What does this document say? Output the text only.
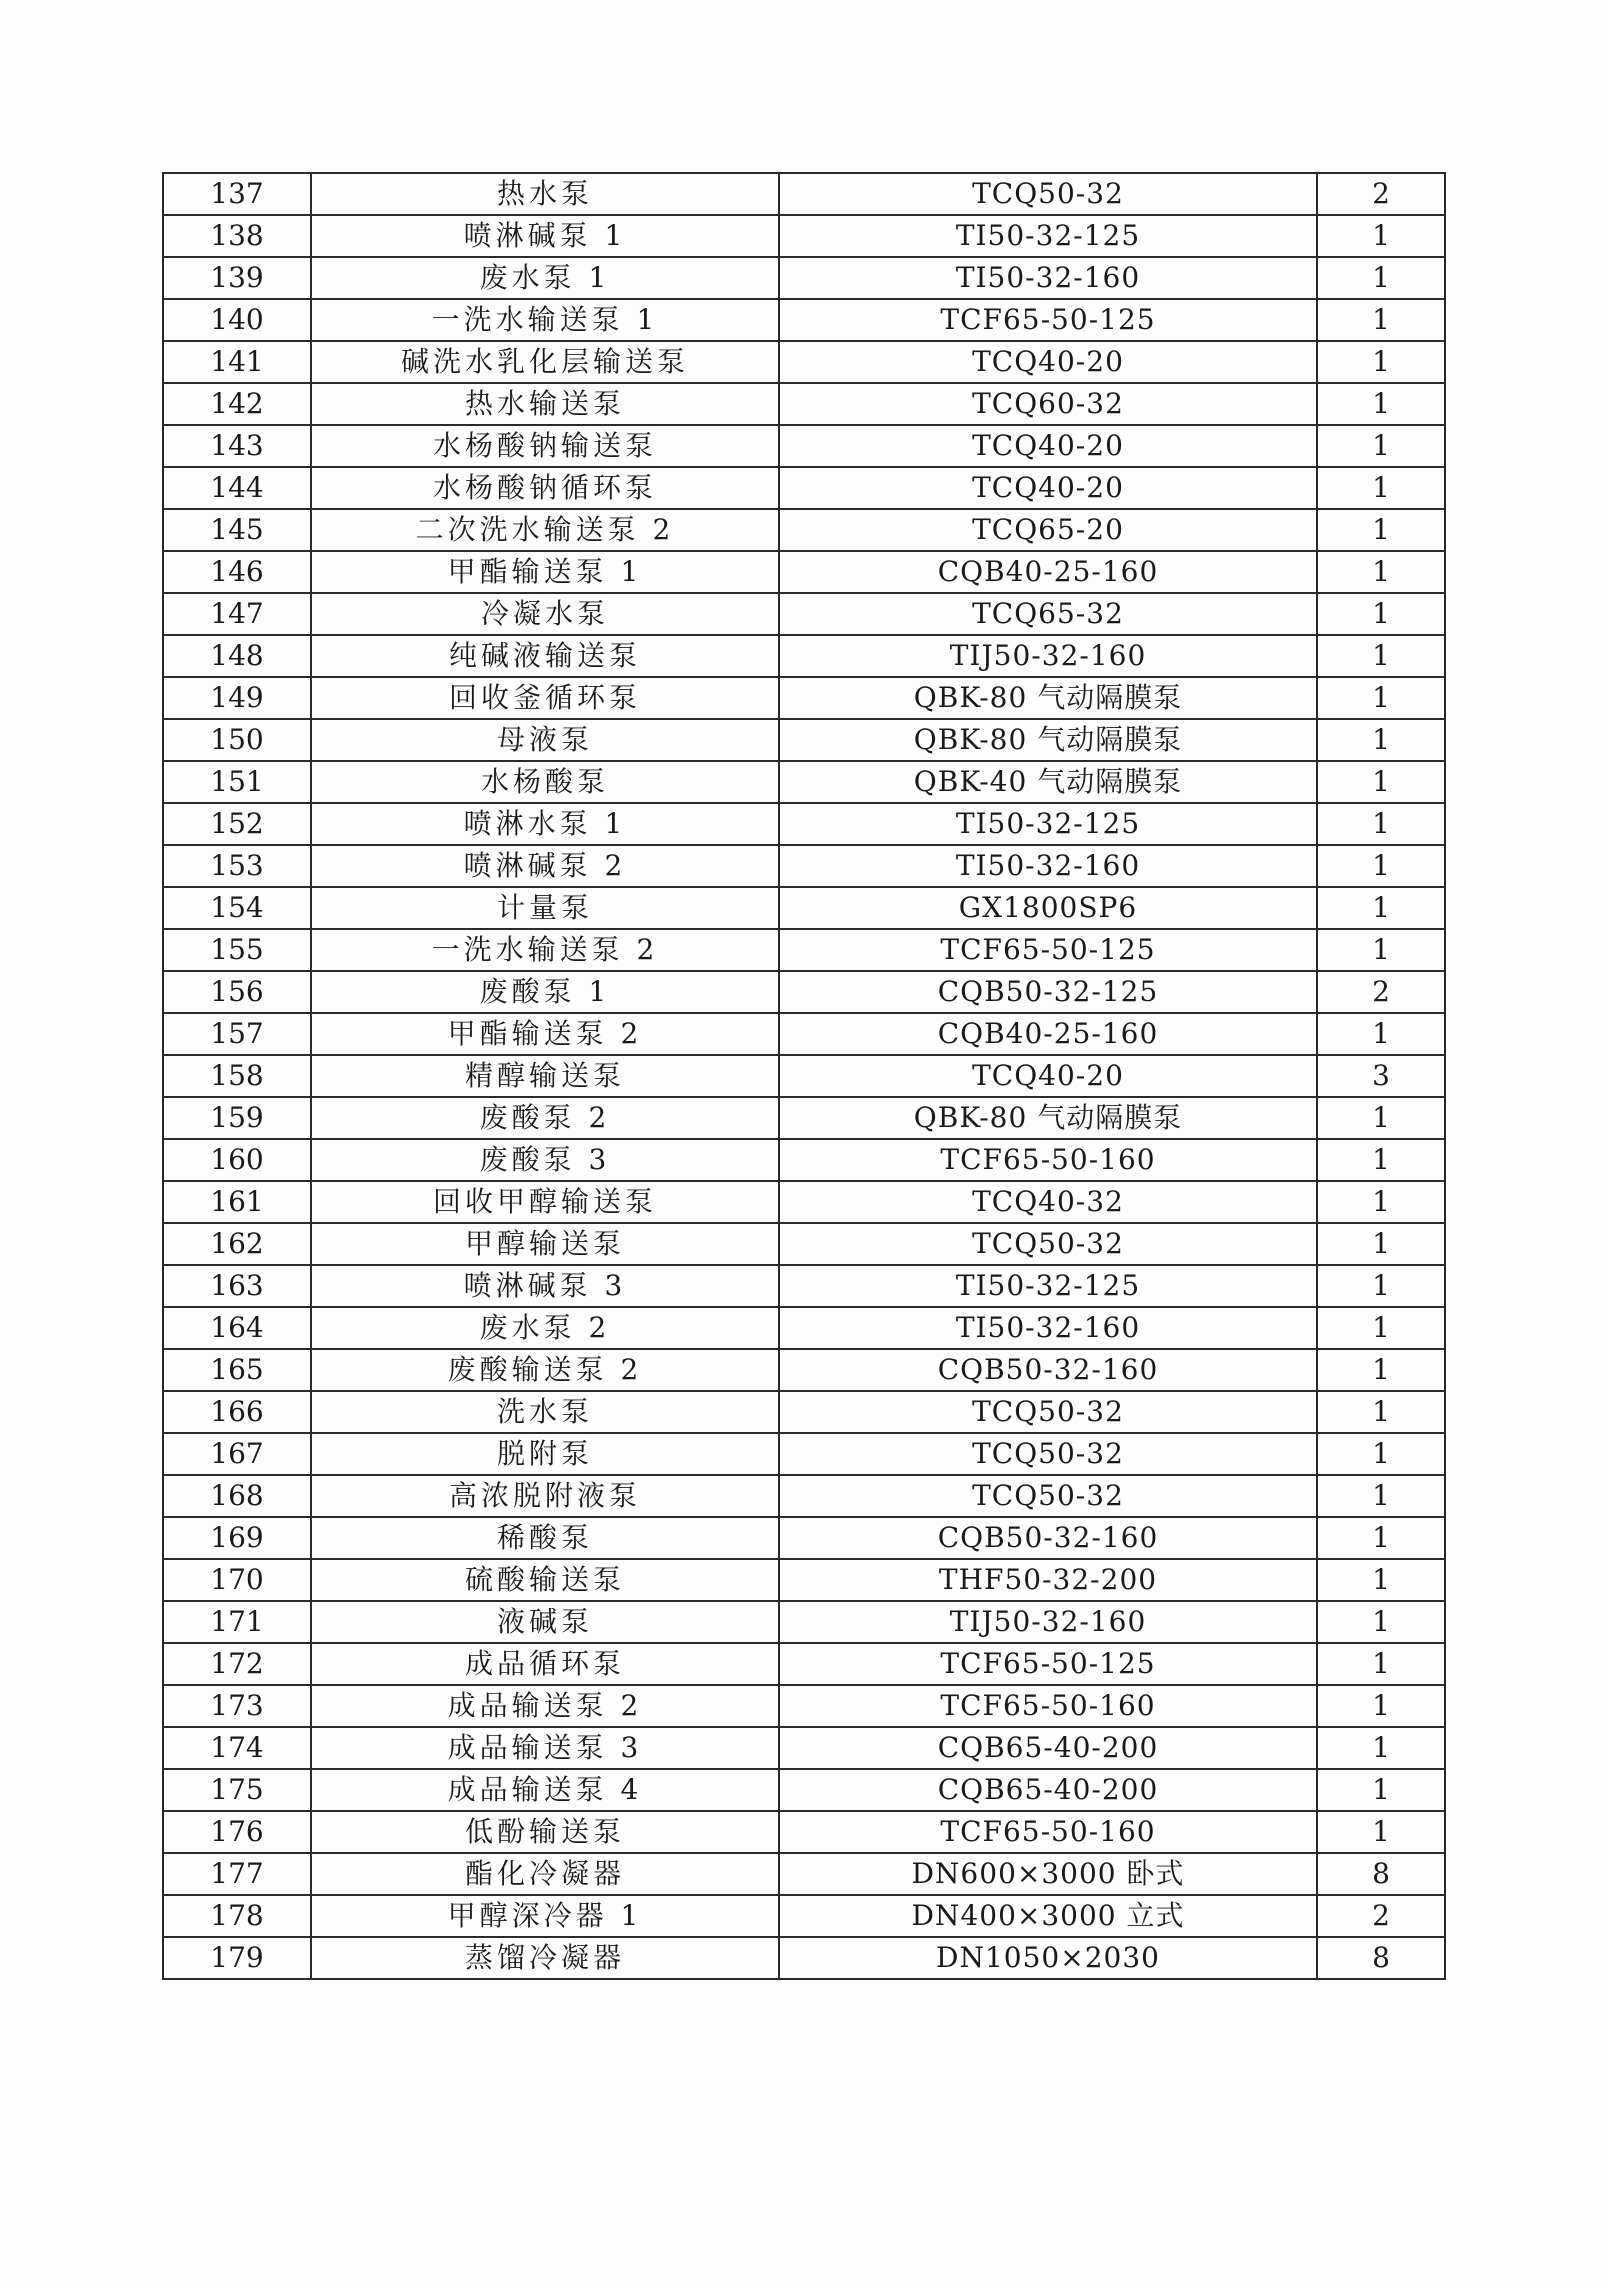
137	热水泵	TCQ50-32	2
138	喷淋碱泵 1	TI50-32-125	1
139	废水泵 1	TI50-32-160	1
140	一洗水输送泵 1	TCF65-50-125	1
141	碱洗水乳化层输送泵	TCQ40-20	1
142	热水输送泵	TCQ60-32	1
143	水杨酸钠输送泵	TCQ40-20	1
144	水杨酸钠循环泵	TCQ40-20	1
145	二次洗水输送泵 2	TCQ65-20	1
146	甲酯输送泵 1	CQB40-25-160	1
147	冷凝水泵	TCQ65-32	1
148	纯碱液输送泵	TIJ50-32-160	1
149	回收釜循环泵	QBK-80 气动隔膜泵	1
150	母液泵	QBK-80 气动隔膜泵	1
151	水杨酸泵	QBK-40 气动隔膜泵	1
152	喷淋水泵 1	TI50-32-125	1
153	喷淋碱泵 2	TI50-32-160	1
154	计量泵	GX1800SP6	1
155	一洗水输送泵 2	TCF65-50-125	1
156	废酸泵 1	CQB50-32-125	2
157	甲酯输送泵 2	CQB40-25-160	1
158	精醇输送泵	TCQ40-20	3
159	废酸泵 2	QBK-80 气动隔膜泵	1
160	废酸泵 3	TCF65-50-160	1
161	回收甲醇输送泵	TCQ40-32	1
162	甲醇输送泵	TCQ50-32	1
163	喷淋碱泵 3	TI50-32-125	1
164	废水泵 2	TI50-32-160	1
165	废酸输送泵 2	CQB50-32-160	1
166	洗水泵	TCQ50-32	1
167	脱附泵	TCQ50-32	1
168	高浓脱附液泵	TCQ50-32	1
169	稀酸泵	CQB50-32-160	1
170	硫酸输送泵	THF50-32-200	1
171	液碱泵	TIJ50-32-160	1
172	成品循环泵	TCF65-50-125	1
173	成品输送泵 2	TCF65-50-160	1
174	成品输送泵 3	CQB65-40-200	1
175	成品输送泵 4	CQB65-40-200	1
176	低酚输送泵	TCF65-50-160	1
177	酯化冷凝器	DN600×3000 卧式	8
178	甲醇深冷器 1	DN400×3000 立式	2
179	蒸馏冷凝器	DN1050×2030	8
